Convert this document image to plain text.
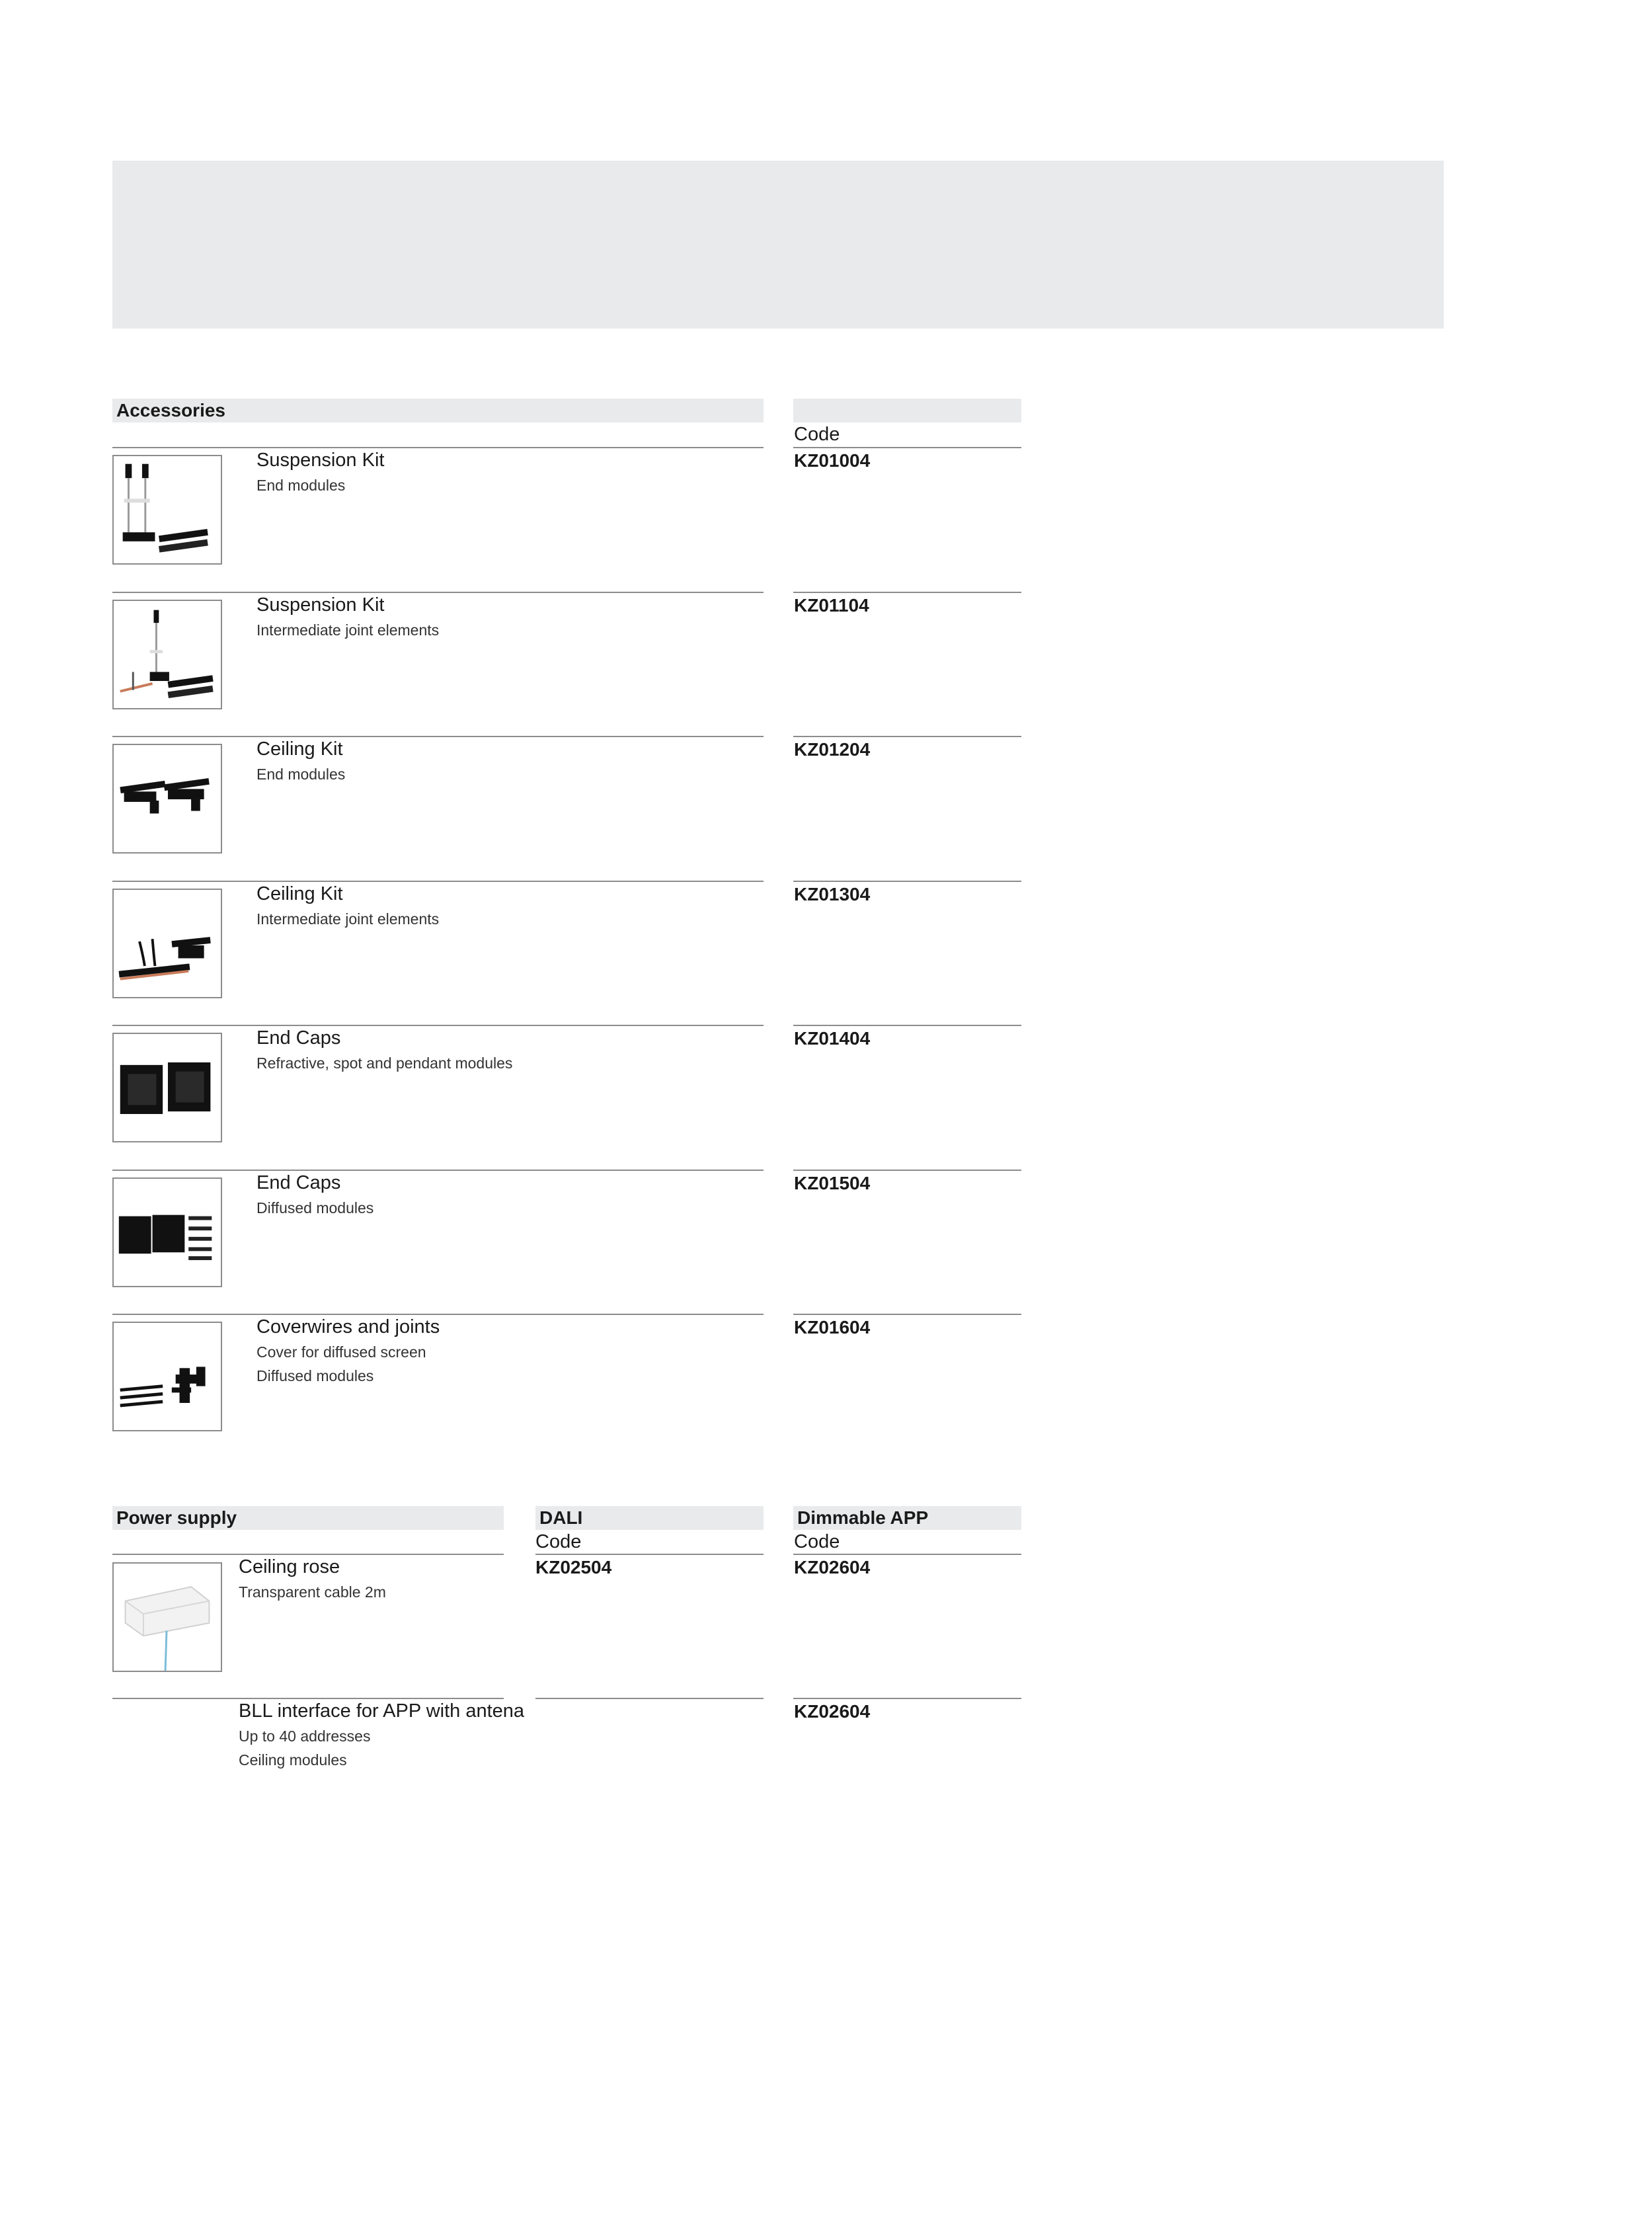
Accessories
Code
Power supply	DALI
Code
Dimmable APP
Code
Suspension Kit
End modules
KZ01004
Suspension Kit
Intermediate joint elements
KZ01104
Ceiling Kit
End modules
KZ01204
Ceiling Kit
Intermediate joint elements
KZ01304
End Caps
Refractive, spot and pendant modules
KZ01404
End Caps
Diffused modules
KZ01504
Coverwires and joints
Cover for diffused screen
Diffused modules
KZ01604
Ceiling rose
Transparent cable 2m
KZ02504	KZ02604
BLL interface for APP with antena
Up to 40 addresses
Ceiling modules
KZ02604
